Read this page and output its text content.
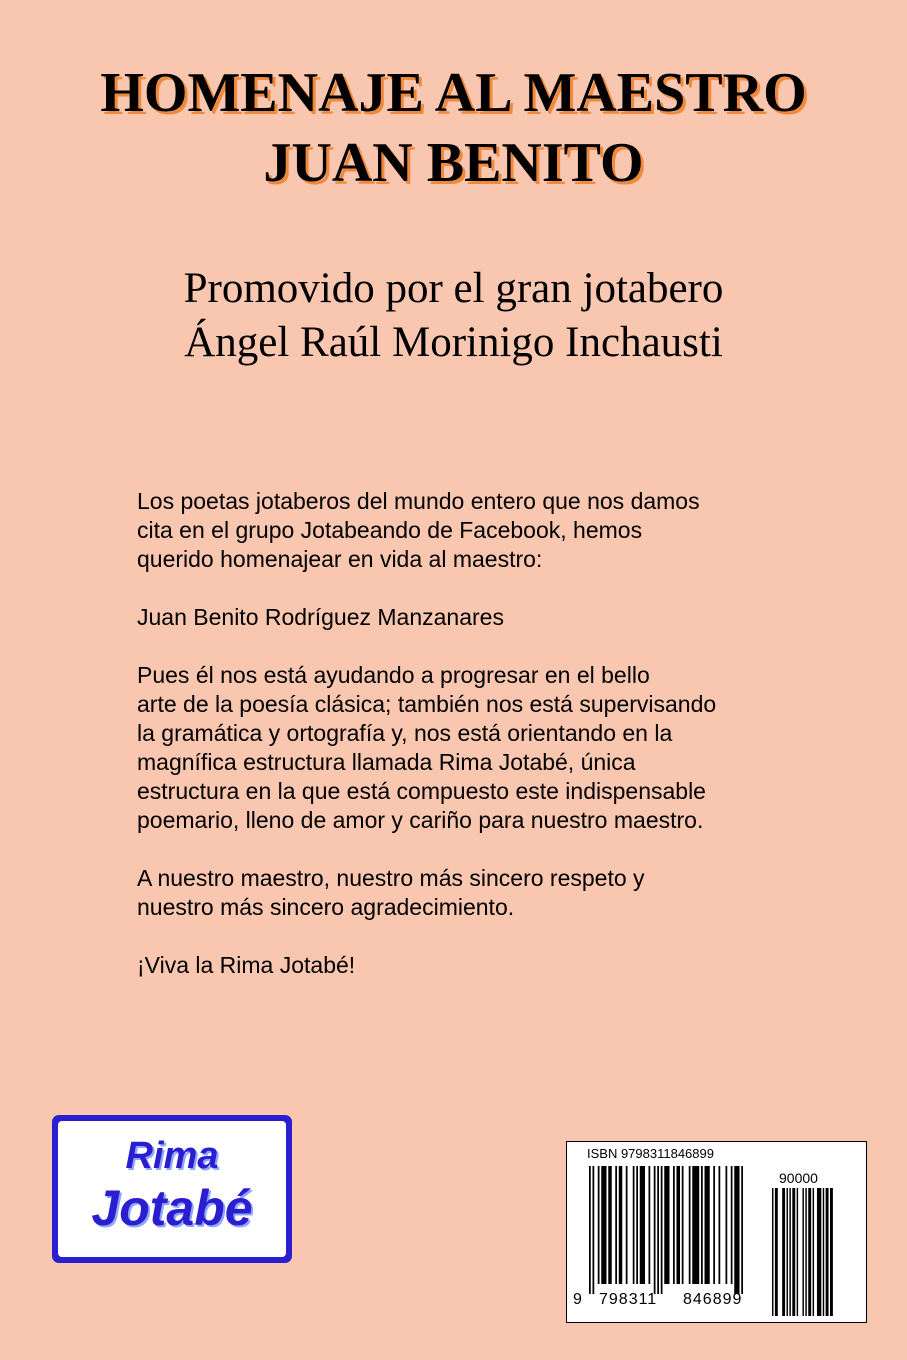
HOMENAJE AL MAESTRO
JUAN BENITO
Promovido por el gran jotabero
Ángel Raúl Morinigo Inchausti

Los poetas jotaberos del mundo entero que nos damos
cita en el grupo Jotabeando de Facebook, hemos
querido homenajear en vida al maestro:

Juan Benito Rodríguez Manzanares

Pues él nos está ayudando a progresar en el bello
arte de la poesía clásica; también nos está supervisando
la gramática y ortografía y, nos está orientando en la
magnífica estructura llamada Rima Jotabé, única
estructura en la que está compuesto este indispensable
poemario, lleno de amor y cariño para nuestro maestro.

A nuestro maestro, nuestro más sincero respeto y
nuestro más sincero agradecimiento.

¡Viva la Rima Jotabé!

Rima
Jotabé
ISBN 9798311846899
90000
9 798311 846899
